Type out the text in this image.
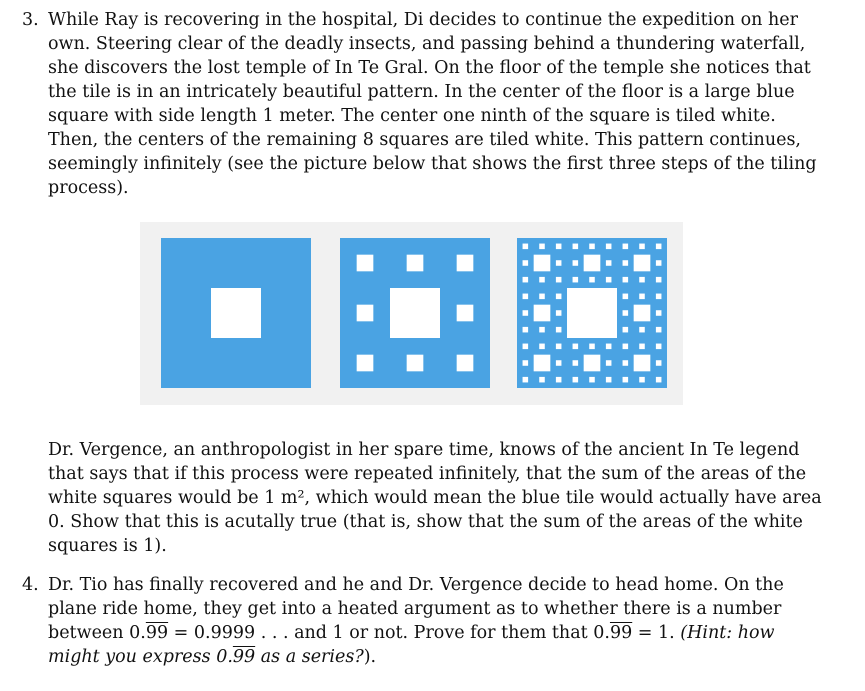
3. While Ray is recovering in the hospital, Di decides to continue the expedition on her
own. Steering clear of the deadly insects, and passing behind a thundering waterfall,
she discovers the lost temple of In Te Gral. On the floor of the temple she notices that
the tile is in an intricately beautiful pattern. In the center of the floor is a large blue
square with side length 1 meter. The center one ninth of the square is tiled white.
Then, the centers of the remaining 8 squares are tiled white. This pattern continues,
seemingly infinitely (see the picture below that shows the first three steps of the tiling
process).
Dr. Vergence, an anthropologist in her spare time, knows of the ancient In Te legend
that says that if this process were repeated infinitely, that the sum of the areas of the
white squares would be 1 m², which would mean the blue tile would actually have area
0. Show that this is acutally true (that is, show that the sum of the areas of the white
squares is 1).
4. Dr. Tio has finally recovered and he and Dr. Vergence decide to head home. On the
plane ride home, they get into a heated argument as to whether there is a number
between 0.99 = 0.9999 . . . and 1 or not. Prove for them that 0.99 = 1. (Hint: how
might you express 0.99 as a series?).
